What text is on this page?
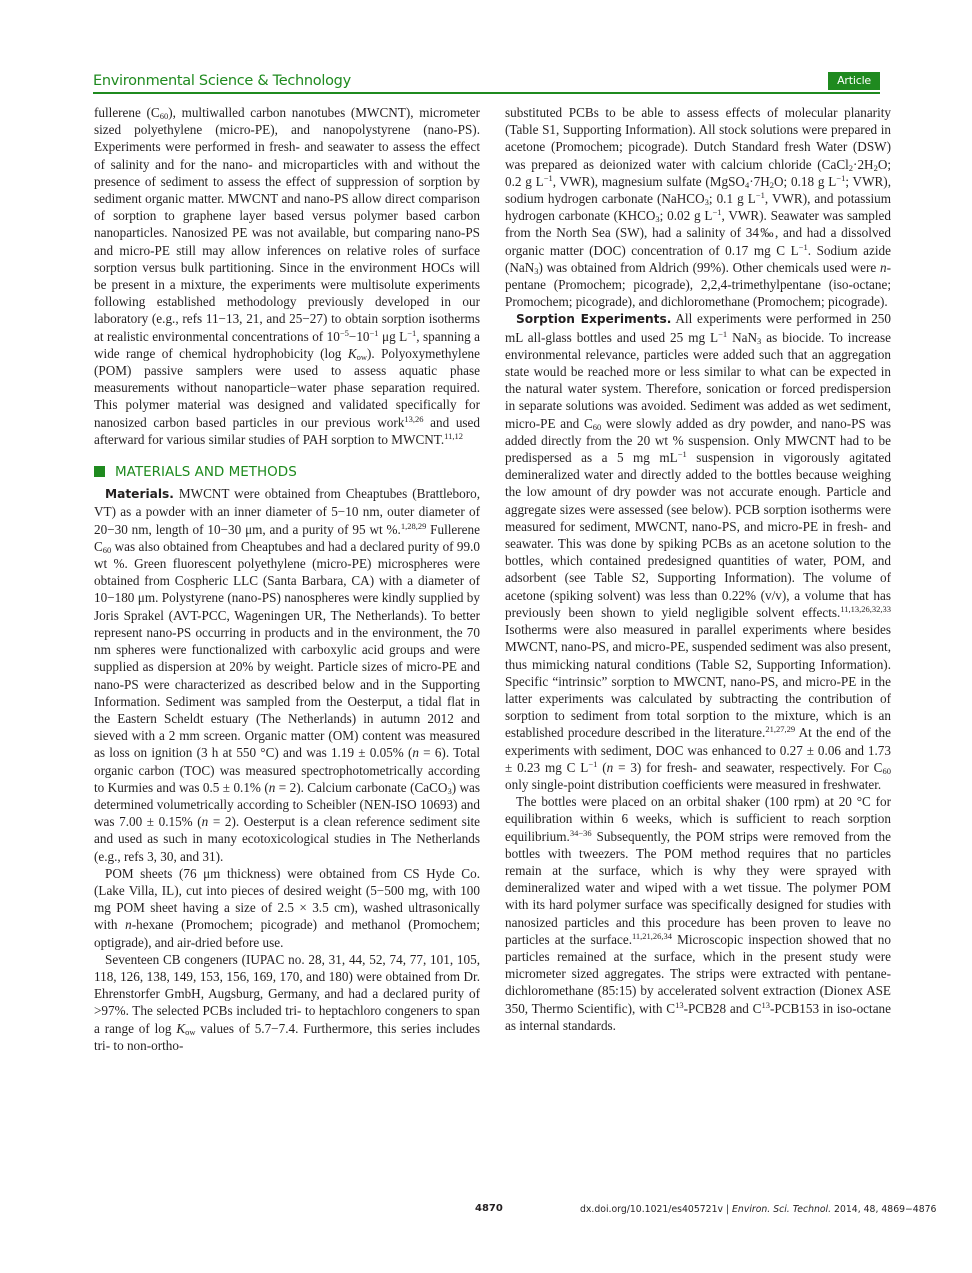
Environmental Science & Technology	Article

fullerene $(C_{60})$, multiwalled carbon nanotubes (MWCNT), micrometer sized polyethylene (micro-PE), and nanopolystyrene (nano-PS). Experiments were performed in fresh- and seawater to assess the effect of salinity and for the nano- and microparticles with and without the presence of sediment to assess the effect of suppression of sorption by sediment organic matter. MWCNT and nano-PS allow direct comparison of sorption to graphene layer based versus polymer based carbon nanoparticles. Nanosized PE was not available, but comparing nano-PS and micro-PE still may allow inferences on relative roles of surface sorption versus bulk partitioning. Since in the environment HOCs will be present in a mixture, the experiments were multisolute experiments following established methodology previously developed in our laboratory (e.g., refs 11−13, 21, and 25−27) to obtain sorption isotherms at realistic environmental concentrations of $10^{-5}-10^{-1}$ μg $L^{-1}$, spanning a wide range of chemical hydrophobicity (log $K_{ow}$). Polyoxymethylene (POM) passive samplers were used to assess aquatic phase measurements without nanoparticle−water phase separation required. This polymer material was designed and validated specifically for nanosized carbon based particles in our previous work$^{13,26}$ and used afterward for various similar studies of PAH sorption to MWCNT.$^{11,12}$

MATERIALS AND METHODS

Materials. MWCNT were obtained from Cheaptubes (Brattleboro, VT) as a powder with an inner diameter of 5−10 nm, outer diameter of 20−30 nm, length of 10−30 μm, and a purity of 95 wt %.$^{1,28,29}$ Fullerene $C_{60}$ was also obtained from Cheaptubes and had a declared purity of 99.0 wt %. Green fluorescent polyethylene (micro-PE) microspheres were obtained from Cospheric LLC (Santa Barbara, CA) with a diameter of 10−180 μm. Polystyrene (nano-PS) nanospheres were kindly supplied by Joris Sprakel (AVT-PCC, Wageningen UR, The Netherlands). To better represent nano-PS occurring in products and in the environment, the 70 nm spheres were functionalized with carboxylic acid groups and were supplied as dispersion at 20% by weight. Particle sizes of micro-PE and nano-PS were characterized as described below and in the Supporting Information. Sediment was sampled from the Oesterput, a tidal flat in the Eastern Scheldt estuary (The Netherlands) in autumn 2012 and sieved with a 2 mm screen. Organic matter (OM) content was measured as loss on ignition (3 h at 550 °C) and was 1.19 ± 0.05% (n = 6). Total organic carbon (TOC) was measured spectrophotometrically according to Kurmies and was 0.5 ± 0.1% (n = 2). Calcium carbonate (CaCO$_3$) was determined volumetrically according to Scheibler (NEN-ISO 10693) and was 7.00 ± 0.15% (n = 2). Oesterput is a clean reference sediment site and used as such in many ecotoxicological studies in The Netherlands (e.g., refs 3, 30, and 31).

POM sheets (76 μm thickness) were obtained from CS Hyde Co. (Lake Villa, IL), cut into pieces of desired weight (5−500 mg, with 100 mg POM sheet having a size of 2.5 × 3.5 cm), washed ultrasonically with n-hexane (Promochem; picograde) and methanol (Promochem; optigrade), and air-dried before use.

Seventeen CB congeners (IUPAC no. 28, 31, 44, 52, 74, 77, 101, 105, 118, 126, 138, 149, 153, 156, 169, 170, and 180) were obtained from Dr. Ehrenstorfer GmbH, Augsburg, Germany, and had a declared purity of >97%. The selected PCBs included tri- to heptachloro congeners to span a range of $\log K_{ow}$ values of 5.7−7.4. Furthermore, this series includes tri- to non-ortho-

substituted PCBs to be able to assess effects of molecular planarity (Table S1, Supporting Information). All stock solutions were prepared in acetone (Promochem; picograde). Dutch Standard fresh Water (DSW) was prepared as deionized water with calcium chloride ($CaCl_2\cdot 2H_2O$; 0.2 g $L^{-1}$, VWR), magnesium sulfate ($MgSO_4\cdot 7H_2O$; 0.18 g $L^{-1}$; VWR), sodium hydrogen carbonate (NaHCO$_3$; 0.1 g $L^{-1}$, VWR), and potassium hydrogen carbonate ($KHCO_3$; 0.02 g $L^{-1}$, VWR). Seawater was sampled from the North Sea (SW), had a salinity of 34‰, and had a dissolved organic matter (DOC) concentration of 0.17 mg C $L^{-1}$. Sodium azide (NaN$_3$) was obtained from Aldrich (99%). Other chemicals used were n-pentane (Promochem; picograde), 2,2,4-trimethylpentane (iso-octane; Promochem; picograde), and dichloromethane (Promochem; picograde).

Sorption Experiments. All experiments were performed in 250 mL all-glass bottles and used 25 mg $L^{-1}$ NaN$_3$ as biocide. To increase environmental relevance, particles were added such that an aggregation state would be reached more or less similar to what can be expected in the natural water system. Therefore, sonication or forced predispersion in separate solutions was avoided. Sediment was added as wet sediment, micro-PE and $C_{60}$ were slowly added as dry powder, and nano-PS was added directly from the 20 wt % suspension. Only MWCNT had to be predispersed as a 5 mg $mL^{-1}$ suspension in vigorously agitated demineralized water and directly added to the bottles because weighing the low amount of dry powder was not accurate enough. Particle and aggregate sizes were assessed (see below). PCB sorption isotherms were measured for sediment, MWCNT, nano-PS, and micro-PE in fresh- and seawater. This was done by spiking PCBs as an acetone solution to the bottles, which contained predesigned quantities of water, POM, and adsorbent (see Table S2, Supporting Information). The volume of acetone (spiking solvent) was less than 0.22% (v/v), a volume that has previously been shown to yield negligible solvent effects.$^{11,13,26,32,33}$ Isotherms were also measured in parallel experiments where besides MWCNT, nano-PS, and micro-PE, suspended sediment was also present, thus mimicking natural conditions (Table S2, Supporting Information). Specific “intrinsic” sorption to MWCNT, nano-PS, and micro-PE in the latter experiments was calculated by subtracting the contribution of sorption to sediment from total sorption to the mixture, which is an established procedure described in the literature.$^{21,27,29}$ At the end of the experiments with sediment, DOC was enhanced to 0.27 ± 0.06 and 1.73 ± 0.23 mg C $L^{-1}$ (n = 3) for fresh- and seawater, respectively. For $C_{60}$ only single-point distribution coefficients were measured in freshwater.

The bottles were placed on an orbital shaker (100 rpm) at 20 °C for equilibration within 6 weeks, which is sufficient to reach sorption equilibrium.$^{34-36}$ Subsequently, the POM strips were removed from the bottles with tweezers. The POM method requires that no particles remain at the surface, which is why they were sprayed with demineralized water and wiped with a wet tissue. The polymer POM with its hard polymer surface was specifically designed for studies with nanosized particles and this procedure has been proven to leave no particles at the surface.$^{11,21,26,34}$ Microscopic inspection showed that no particles remained at the surface, which in the present study were micrometer sized aggregates. The strips were extracted with pentane-dichloromethane (85:15) by accelerated solvent extraction (Dionex ASE 350, Thermo Scientific), with $C^{13}-PCB28$ and $C^{13}-PCB153$ in iso-octane as internal standards.

4870	dx.doi.org/10.1021/es405721v | Environ. Sci. Technol. 2014, 48, 4869−4876
